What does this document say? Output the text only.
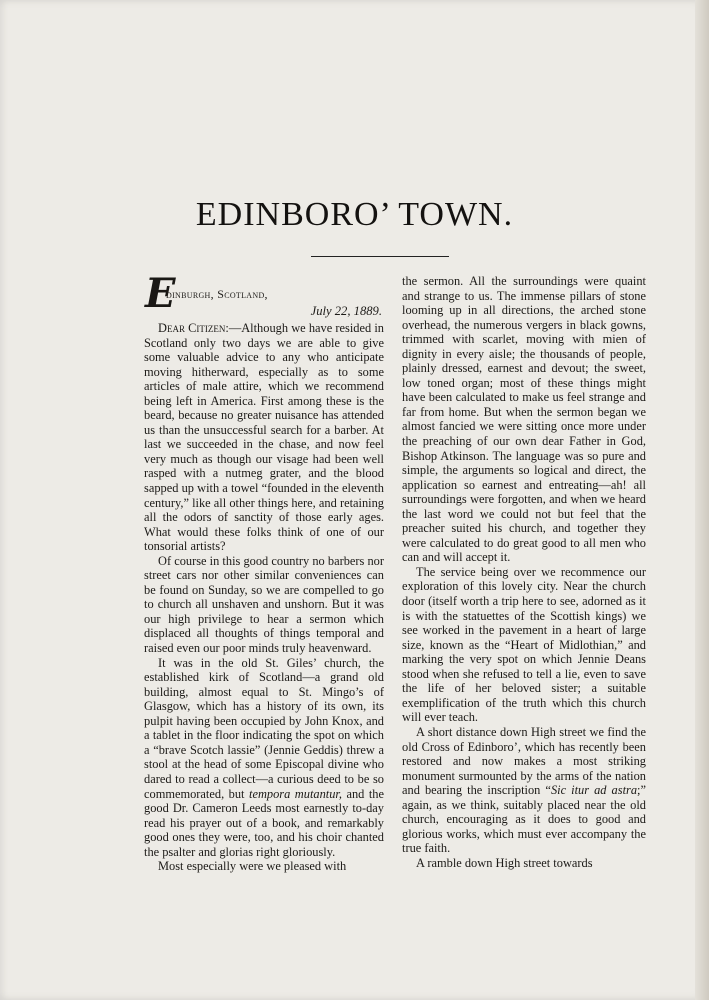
EDINBORO’ TOWN.
E
dinburgh, Scotland,
July 22, 1889.

Dear Citizen:—Although we have resided in Scotland only two days we are able to give some valuable advice to any who anticipate moving hitherward, especially as to some articles of male attire, which we recommend being left in America. First among these is the beard, because no greater nuisance has attended us than the unsuccessful search for a barber. At last we succeeded in the chase, and now feel very much as though our visage had been well rasped with a nutmeg grater, and the blood sapped up with a towel “founded in the eleventh century,” like all other things here, and retaining all the odors of sanctity of those early ages. What would these folks think of one of our tonsorial artists?

Of course in this good country no barbers nor street cars nor other similar conveniences can be found on Sunday, so we are compelled to go to church all unshaven and unshorn. But it was our high privilege to hear a sermon which displaced all thoughts of things temporal and raised even our poor minds truly heavenward.

It was in the old St. Giles’ church, the established kirk of Scotland—a grand old building, almost equal to St. Mingo’s of Glasgow, which has a history of its own, its pulpit having been occupied by John Knox, and a tablet in the floor indicating the spot on which a “brave Scotch lassie” (Jennie Geddis) threw a stool at the head of some Episcopal divine who dared to read a collect—a curious deed to be so commemorated, but tempora mutantur, and the good Dr. Cameron Leeds most earnestly to-day read his prayer out of a book, and remarkably good ones they were, too, and his choir chanted the psalter and glorias right gloriously.

Most especially were we pleased with

the sermon. All the surroundings were quaint and strange to us. The immense pillars of stone looming up in all directions, the arched stone overhead, the numerous vergers in black gowns, trimmed with scarlet, moving with mien of dignity in every aisle; the thousands of people, plainly dressed, earnest and devout; the sweet, low toned organ; most of these things might have been calculated to make us feel strange and far from home. But when the sermon began we almost fancied we were sitting once more under the preaching of our own dear Father in God, Bishop Atkinson. The language was so pure and simple, the arguments so logical and direct, the application so earnest and entreating—ah! all surroundings were forgotten, and when we heard the last word we could not but feel that the preacher suited his church, and together they were calculated to do great good to all men who can and will accept it.

The service being over we recommence our exploration of this lovely city. Near the church door (itself worth a trip here to see, adorned as it is with the statuettes of the Scottish kings) we see worked in the pavement in a heart of large size, known as the “Heart of Midlothian,” and marking the very spot on which Jennie Deans stood when she refused to tell a lie, even to save the life of her beloved sister; a suitable exemplification of the truth which this church will ever teach.

A short distance down High street we find the old Cross of Edinboro’, which has recently been restored and now makes a most striking monument surmounted by the arms of the nation and bearing the inscription “Sic itur ad astra;” again, as we think, suitably placed near the old church, encouraging as it does to good and glorious works, which must ever accompany the true faith.

A ramble down High street towards
